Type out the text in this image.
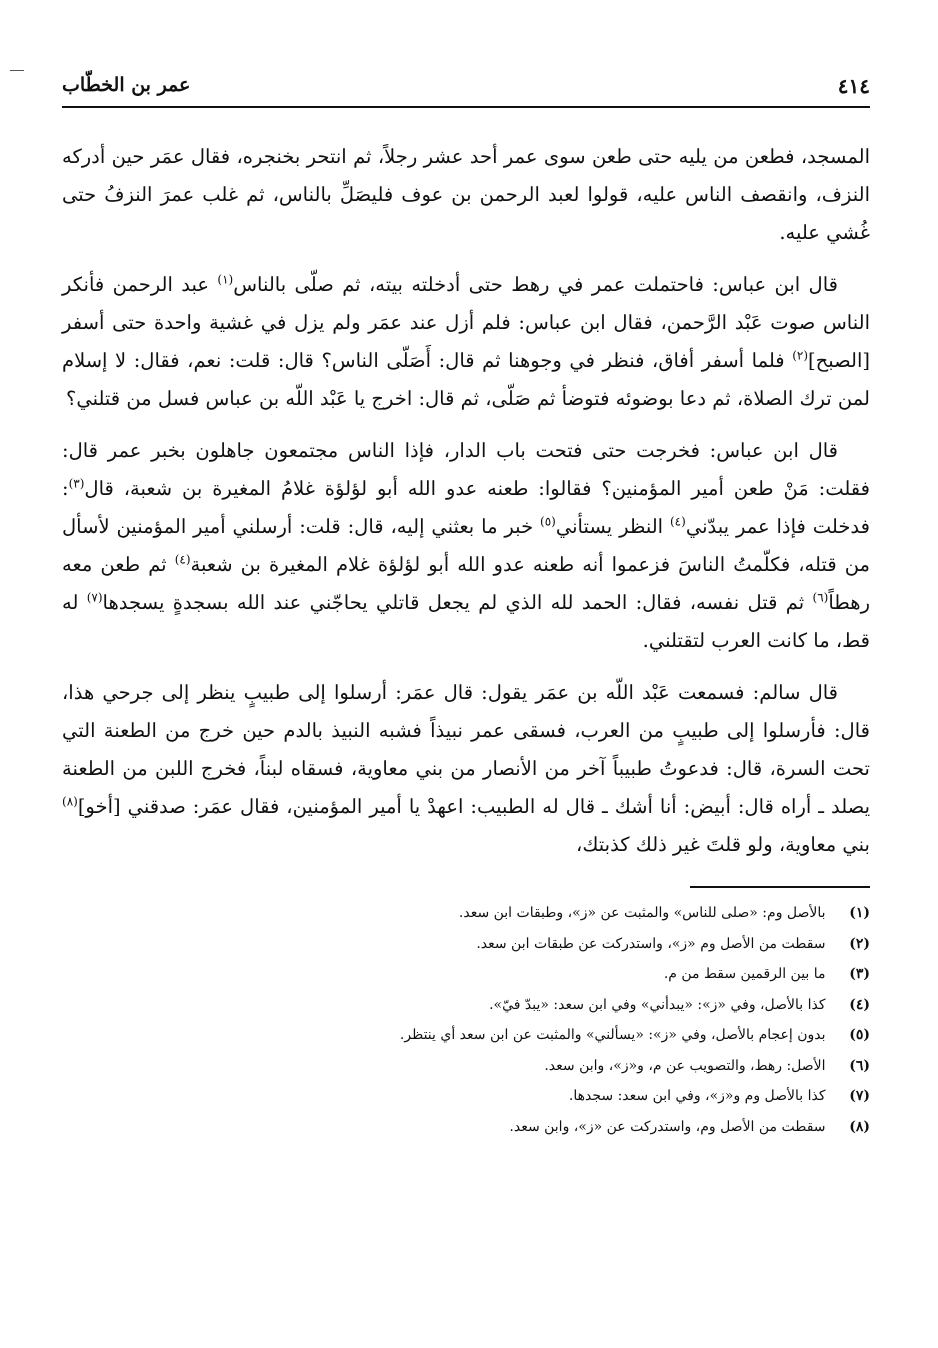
٤١٤
عمر بن الخطّاب

المسجد، فطعن من يليه حتى طعن سوى عمر أحد عشر رجلاً، ثم انتحر بخنجره، فقال عمَر حين أدركه النزف، وانقصف الناس عليه، قولوا لعبد الرحمن بن عوف فليصَلِّ بالناس، ثم غلب عمرَ النزفُ حتى غُشي عليه.

قال ابن عباس: فاحتملت عمر في رهط حتى أدخلته بيته، ثم صلّى بالناس$^{(١)}$ عبد الرحمن فأنكر الناس صوت عَبْد الرَّحمن، فقال ابن عباس: فلم أزل عند عمَر ولم يزل في غشية واحدة حتى أسفر [الصبح]$^{(٢)}$ فلما أسفر أفاق، فنظر في وجوهنا ثم قال: أَصَلّى الناس؟ قال: قلت: نعم، فقال: لا إسلام لمن ترك الصلاة، ثم دعا بوضوئه فتوضأ ثم صَلّى، ثم قال: اخرج يا عَبْد اللّه بن عباس فسل من قتلني؟

قال ابن عباس: فخرجت حتى فتحت باب الدار، فإذا الناس مجتمعون جاهلون بخبر عمر قال: فقلت: مَنْ طعن أمير المؤمنين؟ فقالوا: طعنه عدو الله أبو لؤلؤة غلامُ المغيرة بن شعبة، قال$^{(٣)}$: فدخلت فإذا عمر يبدّني$^{(٤)}$ النظر يستأني$^{(٥)}$ خبر ما بعثني إليه، قال: قلت: أرسلني أمير المؤمنين لأسأل من قتله، فكلّمتُ الناسَ فزعموا أنه طعنه عدو الله أبو لؤلؤة غلام المغيرة بن شعبة$^{(٤)}$ ثم طعن معه رهطاً$^{(٦)}$ ثم قتل نفسه، فقال: الحمد لله الذي لم يجعل قاتلي يحاجّني عند الله بسجدةٍ يسجدها$^{(٧)}$ له قط، ما كانت العرب لتقتلني.

قال سالم: فسمعت عَبْد اللّه بن عمَر يقول: قال عمَر: أرسلوا إلى طبيبٍ ينظر إلى جرحي هذا، قال: فأرسلوا إلى طبيبٍ من العرب، فسقى عمر نبيذاً فشبه النبيذ بالدم حين خرج من الطعنة التي تحت السرة، قال: فدعوتُ طبيباً آخر من الأنصار من بني معاوية، فسقاه لبناً، فخرج اللبن من الطعنة يصلد ـ أراه قال: أبيض: أنا أشك ـ قال له الطبيب: اعهدْ يا أمير المؤمنين، فقال عمَر: صدقني [أخو]$^{(٨)}$ بني معاوية، ولو قلتَ غير ذلك كذبتك،

(١) بالأصل وم: «صلى للناس» والمثبت عن «ز»، وطبقات ابن سعد.
(٢) سقطت من الأصل وم «ز»، واستدركت عن طبقات ابن سعد.
(٣) ما بين الرقمين سقط من م.
(٤) كذا بالأصل، وفي «ز»: «يبدأني» وفي ابن سعد: «يبدّ فيّ».
(٥) بدون إعجام بالأصل، وفي «ز»: «يسألني» والمثبت عن ابن سعد أي ينتظر.
(٦) الأصل: رهط، والتصويب عن م، و«ز»، وابن سعد.
(٧) كذا بالأصل وم و«ز»، وفي ابن سعد: سجدها.
(٨) سقطت من الأصل وم، واستدركت عن «ز»، وابن سعد.
